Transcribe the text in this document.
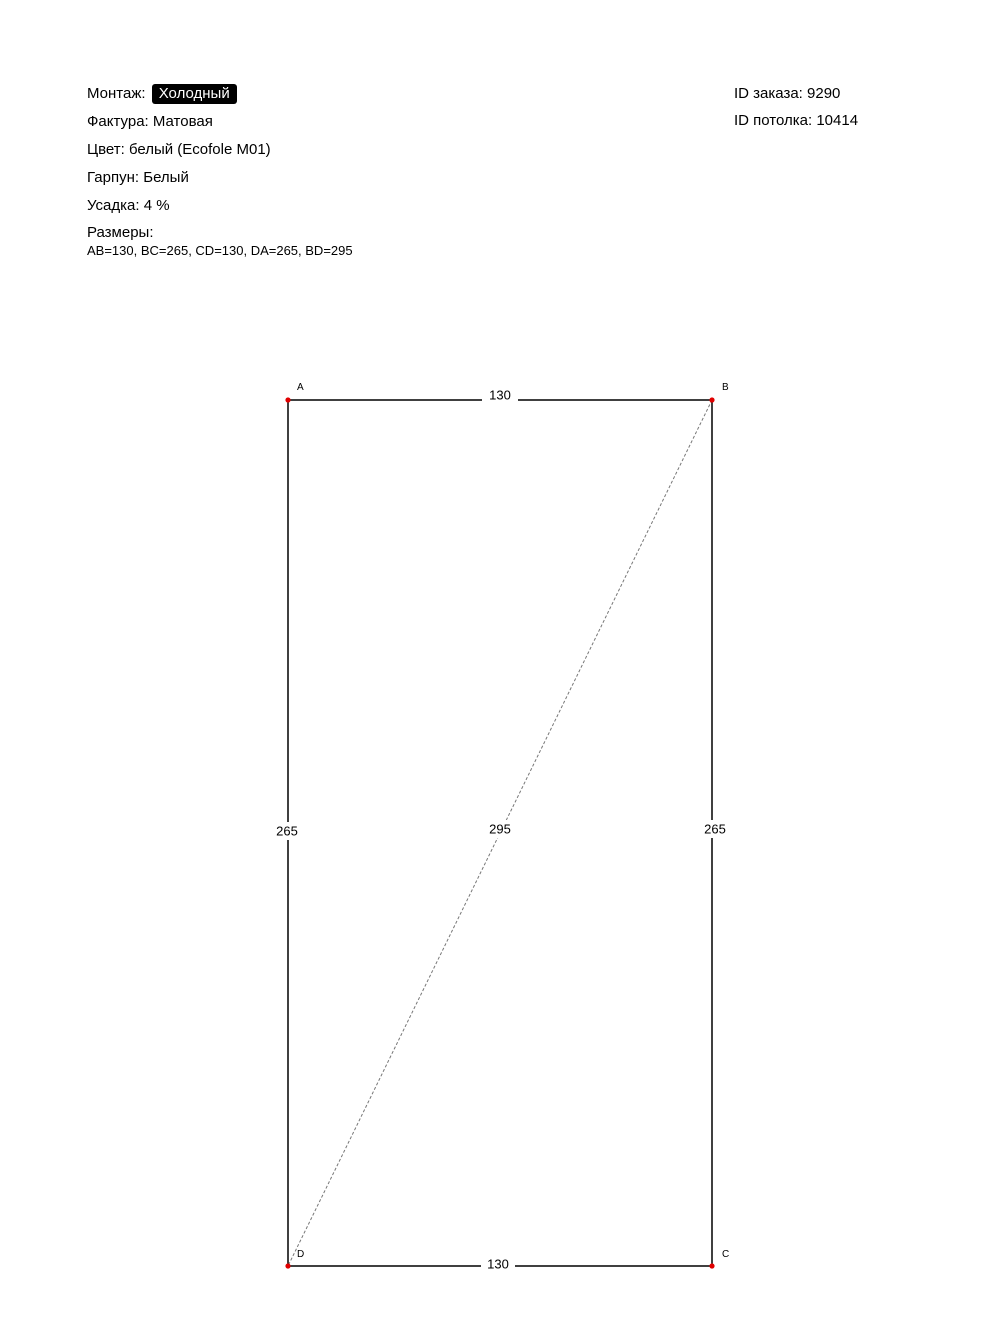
Монтаж: Холодный
Фактура: Матовая
Цвет: белый (Ecofole M01)
Гарпун: Белый
Усадка: 4 %
Размеры:
AB=130, BC=265, CD=130, DA=265, BD=295
ID заказа: 9290
ID потолка: 10414
130
265
130
265	295
A	B
C
D
